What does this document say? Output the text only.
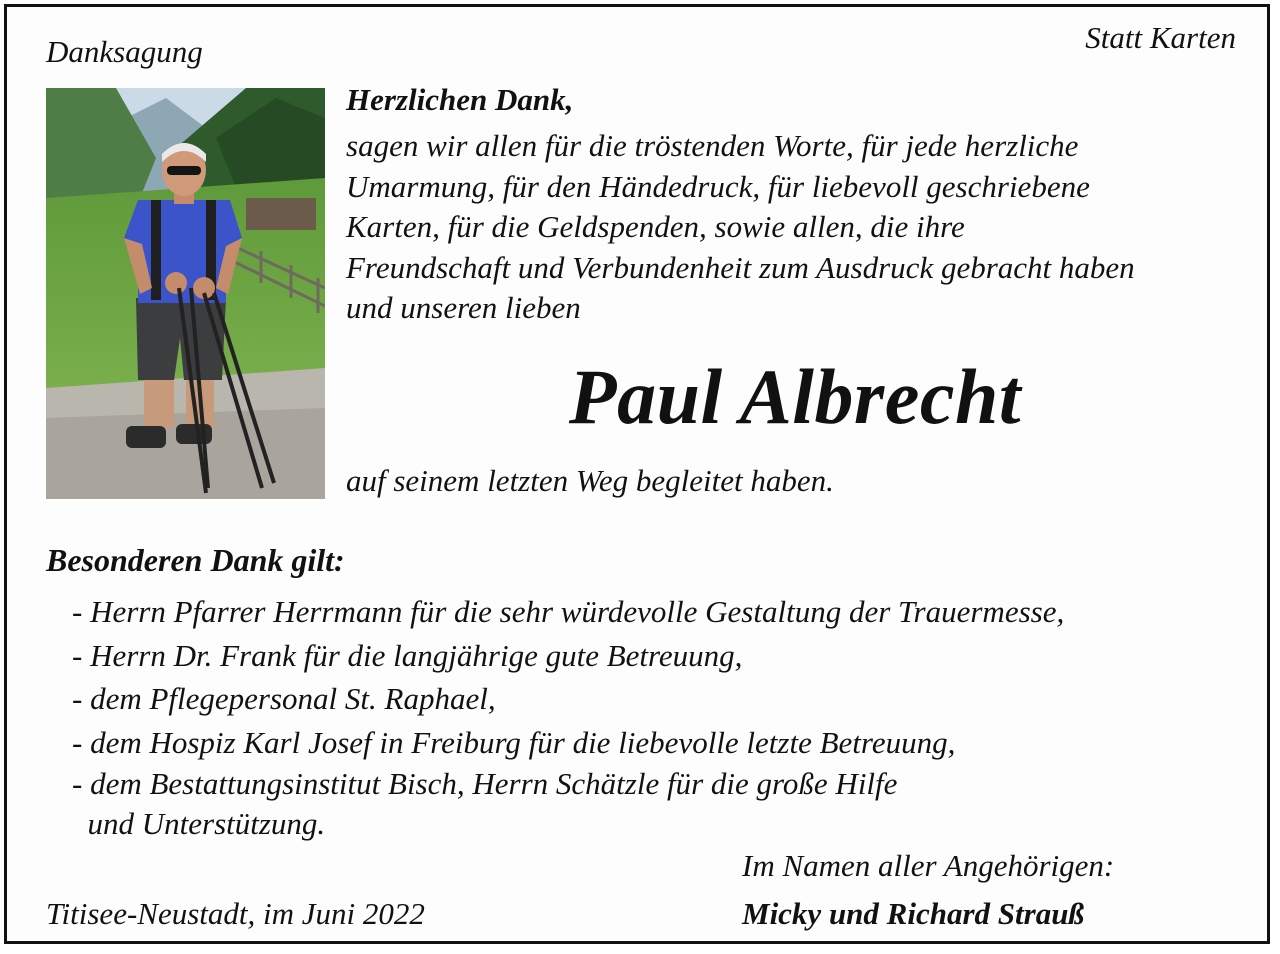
Danksagung	Statt Karten
Herzlichen Dank,
sagen wir allen für die tröstenden Worte, für jede herzliche
Umarmung, für den Händedruck, für liebevoll geschriebene
Karten, für die Geldspenden, sowie allen, die ihre
Freundschaft und Verbundenheit zum Ausdruck gebracht haben
und unseren lieben
Paul Albrecht
auf seinem letzten Weg begleitet haben.
Besonderen Dank gilt:
- Herrn Pfarrer Herrmann für die sehr würdevolle Gestaltung der Trauermesse,
- Herrn Dr. Frank für die langjährige gute Betreuung,
- dem Pflegepersonal St. Raphael,
- dem Hospiz Karl Josef in Freiburg für die liebevolle letzte Betreuung,
- dem Bestattungsinstitut Bisch, Herrn Schätzle für die große Hilfe
und Unterstützung.
Im Namen aller Angehörigen:
Titisee-Neustadt, im Juni 2022	Micky und Richard Strauß
